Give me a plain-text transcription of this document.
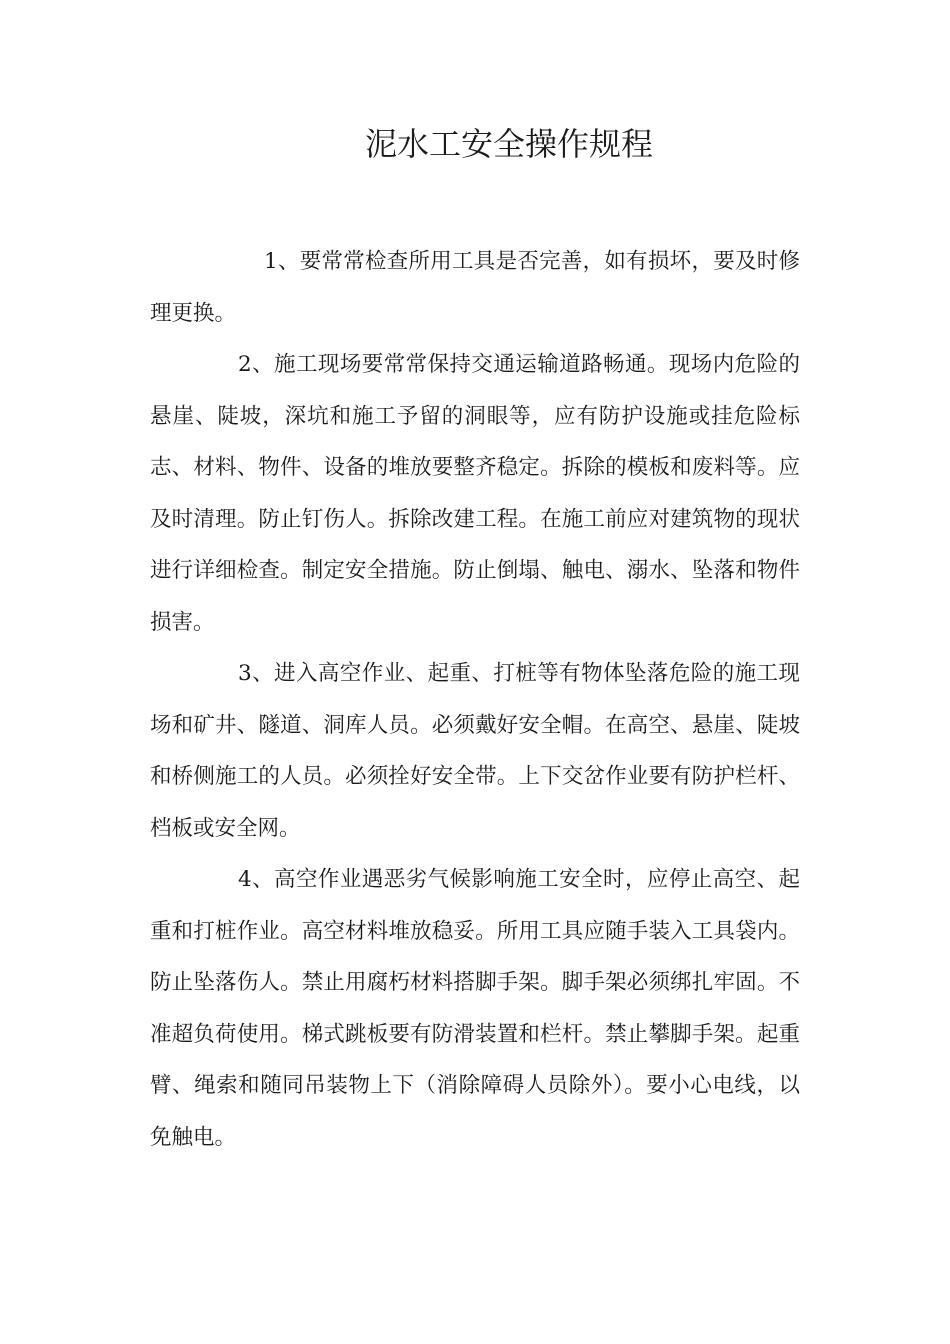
泥水工安全操作规程

1、要常常检查所用工具是否完善，如有损坏，要及时修理更换。

2、施工现场要常常保持交通运输道路畅通。现场内危险的悬崖、陡坡，深坑和施工予留的洞眼等，应有防护设施或挂危险标志、材料、物件、设备的堆放要整齐稳定。拆除的模板和废料等。应及时清理。防止钉伤人。拆除改建工程。在施工前应对建筑物的现状进行详细检查。制定安全措施。防止倒塌、触电、溺水、坠落和物件损害。

3、进入高空作业、起重、打桩等有物体坠落危险的施工现场和矿井、隧道、洞库人员。必须戴好安全帽。在高空、悬崖、陡坡和桥侧施工的人员。必须拴好安全带。上下交岔作业要有防护栏杆、档板或安全网。

4、高空作业遇恶劣气候影响施工安全时，应停止高空、起重和打桩作业。高空材料堆放稳妥。所用工具应随手装入工具袋内。防止坠落伤人。禁止用腐朽材料搭脚手架。脚手架必须绑扎牢固。不准超负荷使用。梯式跳板要有防滑装置和栏杆。禁止攀脚手架。起重臂、绳索和随同吊装物上下（消除障碍人员除外）。要小心电线，以免触电。
